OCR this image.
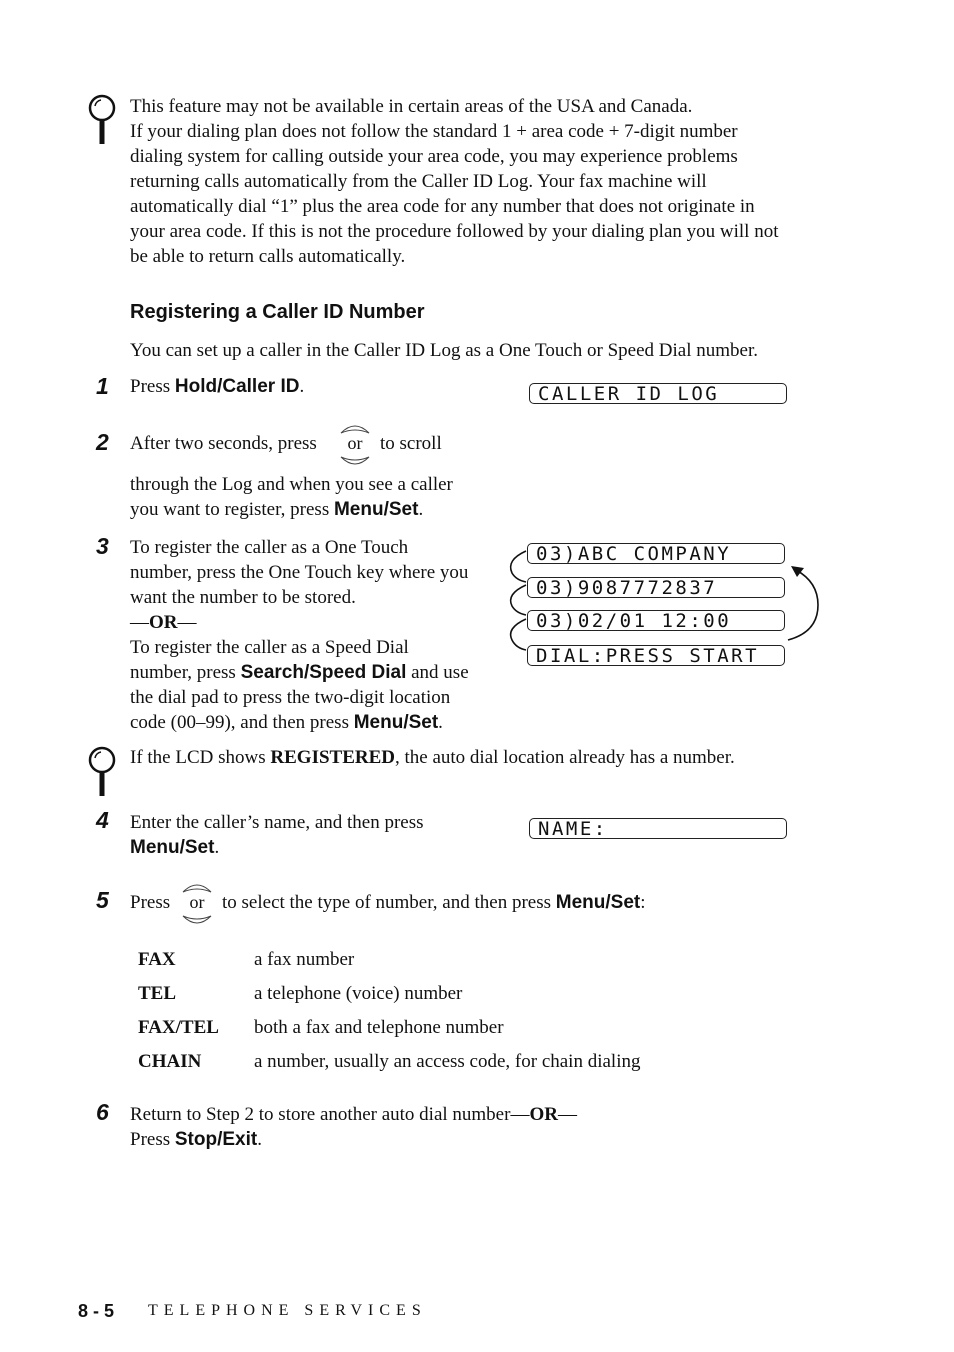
This feature may not be available in certain areas of the USA and Canada.
If your dialing plan does not follow the standard 1 + area code + 7-digit number
dialing system for calling outside your area code, you may experience problems
returning calls automatically from the Caller ID Log. Your fax machine will
automatically dial “1” plus the area code for any number that does not originate in
your area code. If this is not the procedure followed by your dialing plan you will not
be able to return calls automatically.
Registering a Caller ID Number
You can set up a caller in the Caller ID Log as a One Touch or Speed Dial number.
1 Press Hold/Caller ID.	CALLER ID LOG
2 After two seconds, press	or to scroll
through the Log and when you see a caller
you want to register, press Menu/Set.
3 To register the caller as a One Touch
number, press the One Touch key where you
want the number to be stored.
—OR—
To register the caller as a Speed Dial
number, press Search/Speed Dial and use
the dial pad to press the two-digit location
code (00–99), and then press Menu/Set.
03)ABC COMPANY
03)9087772837
03)02/01 12:00
DIAL:PRESS START
If the LCD shows REGISTERED, the auto dial location already has a number.
4 Enter the caller’s name, and then press
Menu/Set.
NAME:
5 Press	or to select the type of number, and then press Menu/Set:
FAX	a fax number
TEL	a telephone (voice) number
FAX/TEL both a fax and telephone number
CHAIN	a number, usually an access code, for chain dialing
6 Return to Step 2 to store another auto dial number—OR—
Press Stop/Exit.
8 - 5 TELEPHONE SERVICES
